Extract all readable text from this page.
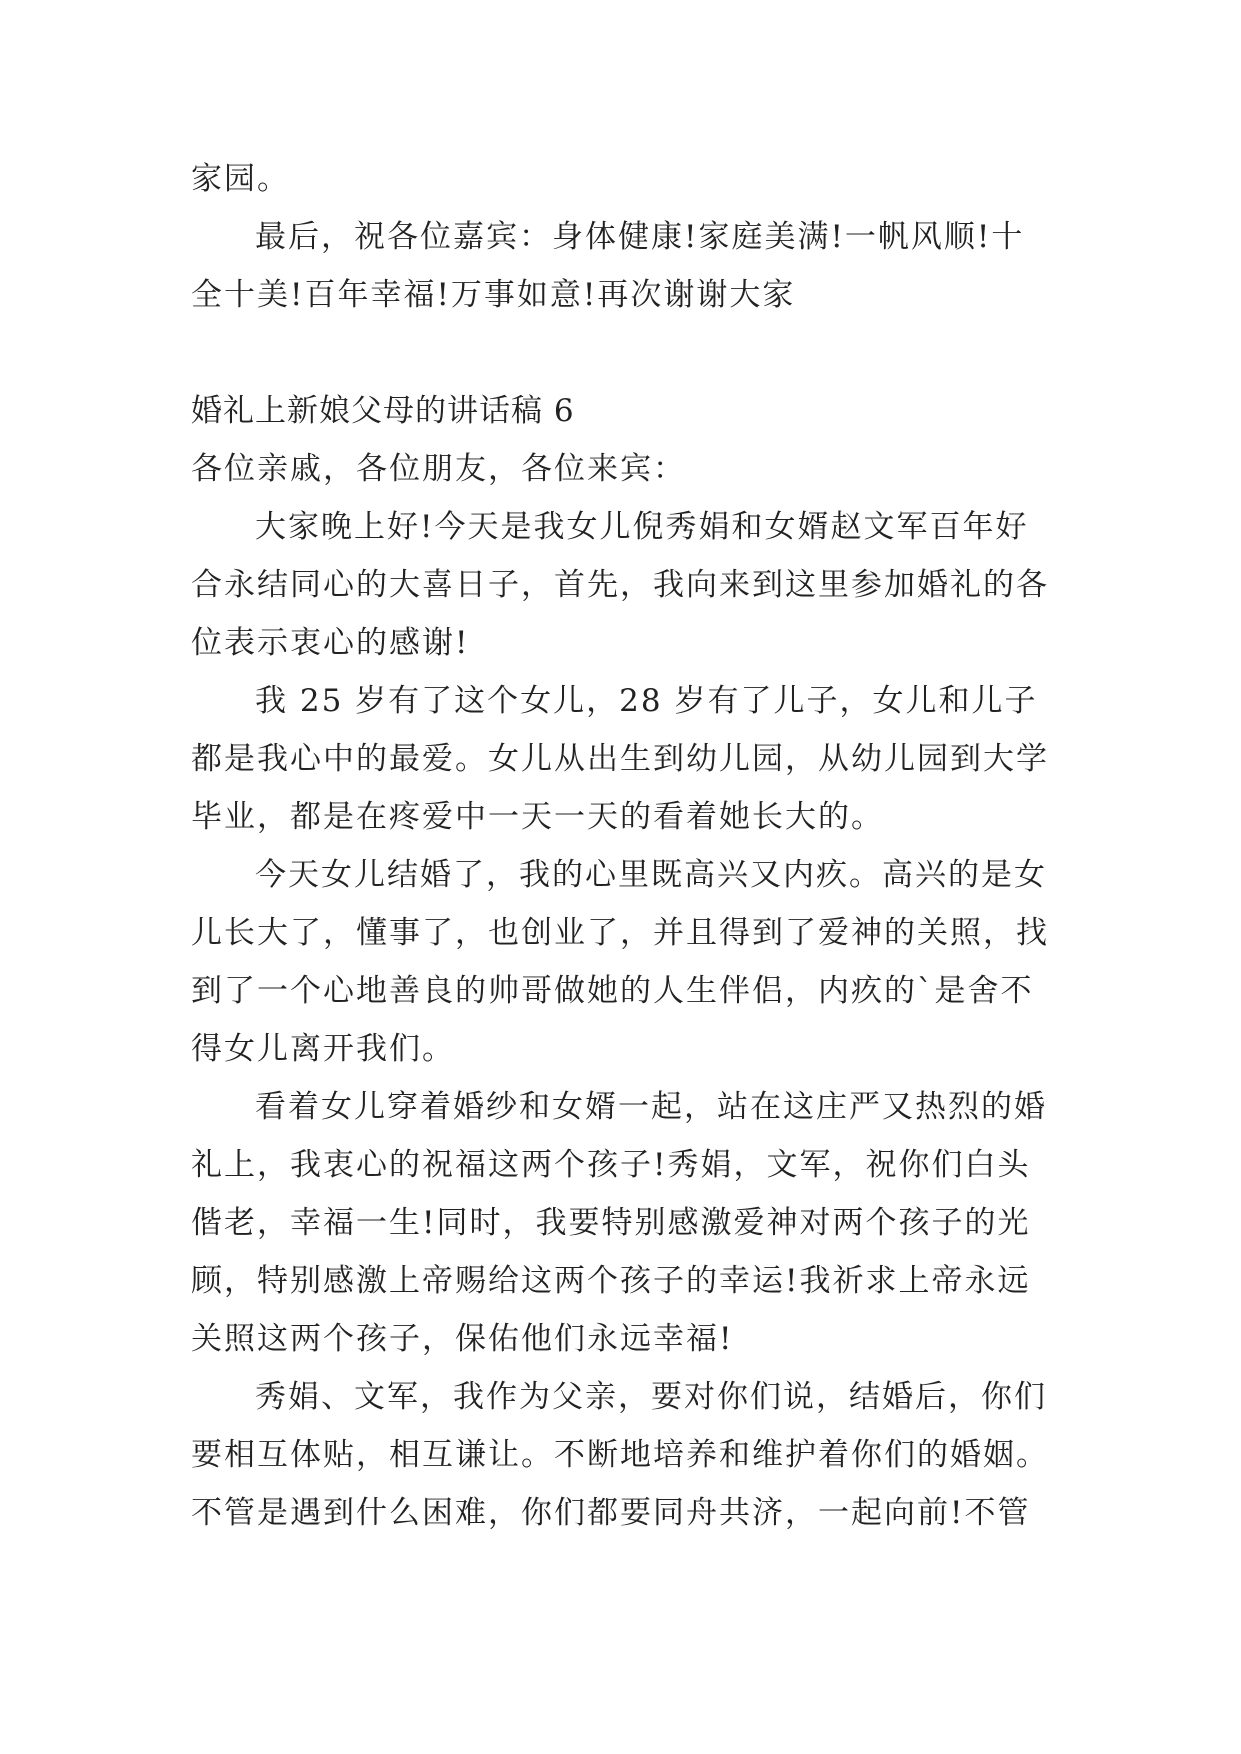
家园。

最后，祝各位嘉宾：身体健康!家庭美满!一帆风顺!十全十美!百年幸福!万事如意!再次谢谢大家

婚礼上新娘父母的讲话稿 6

各位亲戚，各位朋友，各位来宾：

大家晚上好!今天是我女儿倪秀娟和女婿赵文军百年好合永结同心的大喜日子，首先，我向来到这里参加婚礼的各位表示衷心的感谢!

我 25 岁有了这个女儿，28 岁有了儿子，女儿和儿子都是我心中的最爱。女儿从出生到幼儿园，从幼儿园到大学毕业，都是在疼爱中一天一天的看着她长大的。

今天女儿结婚了，我的心里既高兴又内疚。高兴的是女儿长大了，懂事了，也创业了，并且得到了爱神的关照，找到了一个心地善良的帅哥做她的人生伴侣，内疚的`是舍不得女儿离开我们。

看着女儿穿着婚纱和女婿一起，站在这庄严又热烈的婚礼上，我衷心的祝福这两个孩子!秀娟，文军，祝你们白头偕老，幸福一生!同时，我要特别感激爱神对两个孩子的光顾，特别感激上帝赐给这两个孩子的幸运!我祈求上帝永远关照这两个孩子，保佑他们永远幸福!

秀娟、文军，我作为父亲，要对你们说，结婚后，你们要相互体贴，相互谦让。不断地培养和维护着你们的婚姻。不管是遇到什么困难，你们都要同舟共济，一起向前!不管
